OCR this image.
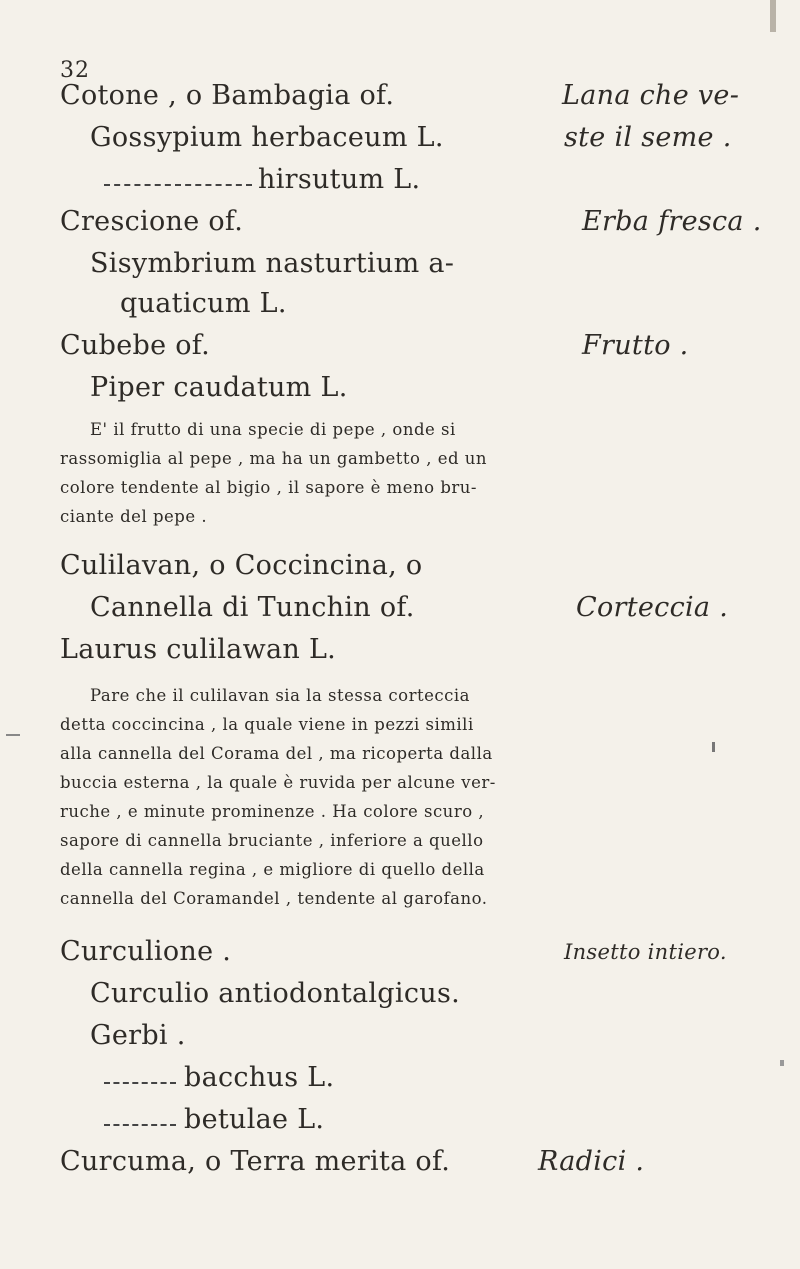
32
Cotone , o Bambagia of.	Lana che ve-
Gossypium herbaceum L.	ste il seme .
hirsutum L.
Crescione of.	Erba fresca .
Sisymbrium nasturtium a-
quaticum L.
Cubebe of.	Frutto .
Piper caudatum L.
E' il frutto di una specie di pepe , onde si
rassomiglia al pepe , ma ha un gambetto , ed un
colore tendente al bigio , il sapore è meno bru-
ciante del pepe .
Culilavan, o Coccincina, o
Cannella di Tunchin of.	Corteccia .
Laurus culilawan L.
Pare che il culilavan sia la stessa corteccia
detta coccincina , la quale viene in pezzi simili
alla cannella del Corama del , ma ricoperta dalla
buccia esterna , la quale è ruvida per alcune ver-
ruche , e minute prominenze . Ha colore scuro ,
sapore di cannella bruciante , inferiore a quello
della cannella regina , e migliore di quello della
cannella del Coramandel , tendente al garofano.
Curculione .	Insetto intiero.
Curculio antiodontalgicus.
Gerbi .
bacchus L.
betulae L.
Curcuma, o Terra merita of.	Radici .
